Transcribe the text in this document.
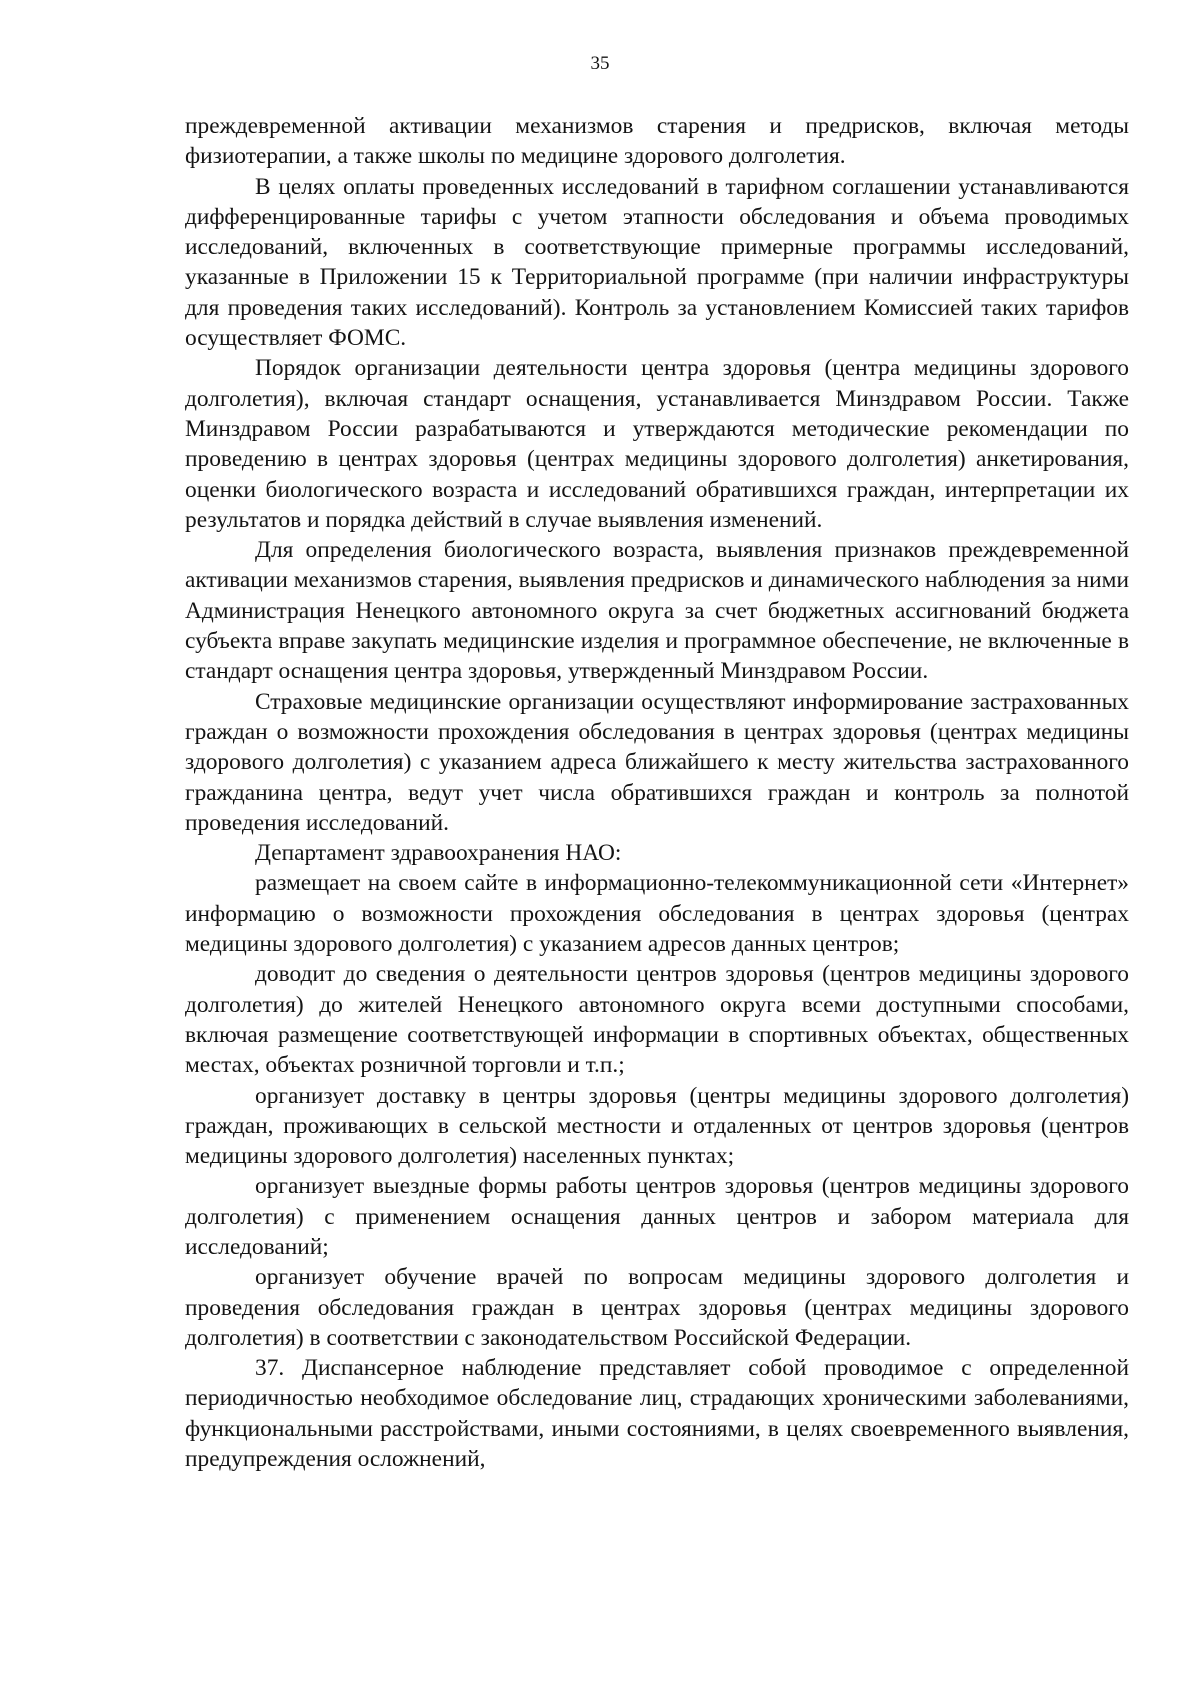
35

преждевременной активации механизмов старения и предрисков, включая методы физиотерапии, а также школы по медицине здорового долголетия.

В целях оплаты проведенных исследований в тарифном соглашении устанавливаются дифференцированные тарифы с учетом этапности обследования и объема проводимых исследований, включенных в соответствующие примерные программы исследований, указанные в Приложении 15 к Территориальной программе (при наличии инфраструктуры для проведения таких исследований). Контроль за установлением Комиссией таких тарифов осуществляет ФОМС.

Порядок организации деятельности центра здоровья (центра медицины здорового долголетия), включая стандарт оснащения, устанавливается Минздравом России. Также Минздравом России разрабатываются и утверждаются методические рекомендации по проведению в центрах здоровья (центрах медицины здорового долголетия) анкетирования, оценки биологического возраста и исследований обратившихся граждан, интерпретации их результатов и порядка действий в случае выявления изменений.

Для определения биологического возраста, выявления признаков преждевременной активации механизмов старения, выявления предрисков и динамического наблюдения за ними Администрация Ненецкого автономного округа за счет бюджетных ассигнований бюджета субъекта вправе закупать медицинские изделия и программное обеспечение, не включенные в стандарт оснащения центра здоровья, утвержденный Минздравом России.

Страховые медицинские организации осуществляют информирование застрахованных граждан о возможности прохождения обследования в центрах здоровья (центрах медицины здорового долголетия) с указанием адреса ближайшего к месту жительства застрахованного гражданина центра, ведут учет числа обратившихся граждан и контроль за полнотой проведения исследований.

Департамент здравоохранения НАО:

размещает на своем сайте в информационно-телекоммуникационной сети «Интернет» информацию о возможности прохождения обследования в центрах здоровья (центрах медицины здорового долголетия) с указанием адресов данных центров;

доводит до сведения о деятельности центров здоровья (центров медицины здорового долголетия) до жителей Ненецкого автономного округа всеми доступными способами, включая размещение соответствующей информации в спортивных объектах, общественных местах, объектах розничной торговли и т.п.;

организует доставку в центры здоровья (центры медицины здорового долголетия) граждан, проживающих в сельской местности и отдаленных от центров здоровья (центров медицины здорового долголетия) населенных пунктах;

организует выездные формы работы центров здоровья (центров медицины здорового долголетия) с применением оснащения данных центров и забором материала для исследований;

организует обучение врачей по вопросам медицины здорового долголетия и проведения обследования граждан в центрах здоровья (центрах медицины здорового долголетия) в соответствии с законодательством Российской Федерации.

37. Диспансерное наблюдение представляет собой проводимое с определенной периодичностью необходимое обследование лиц, страдающих хроническими заболеваниями, функциональными расстройствами, иными состояниями, в целях своевременного выявления, предупреждения осложнений,
